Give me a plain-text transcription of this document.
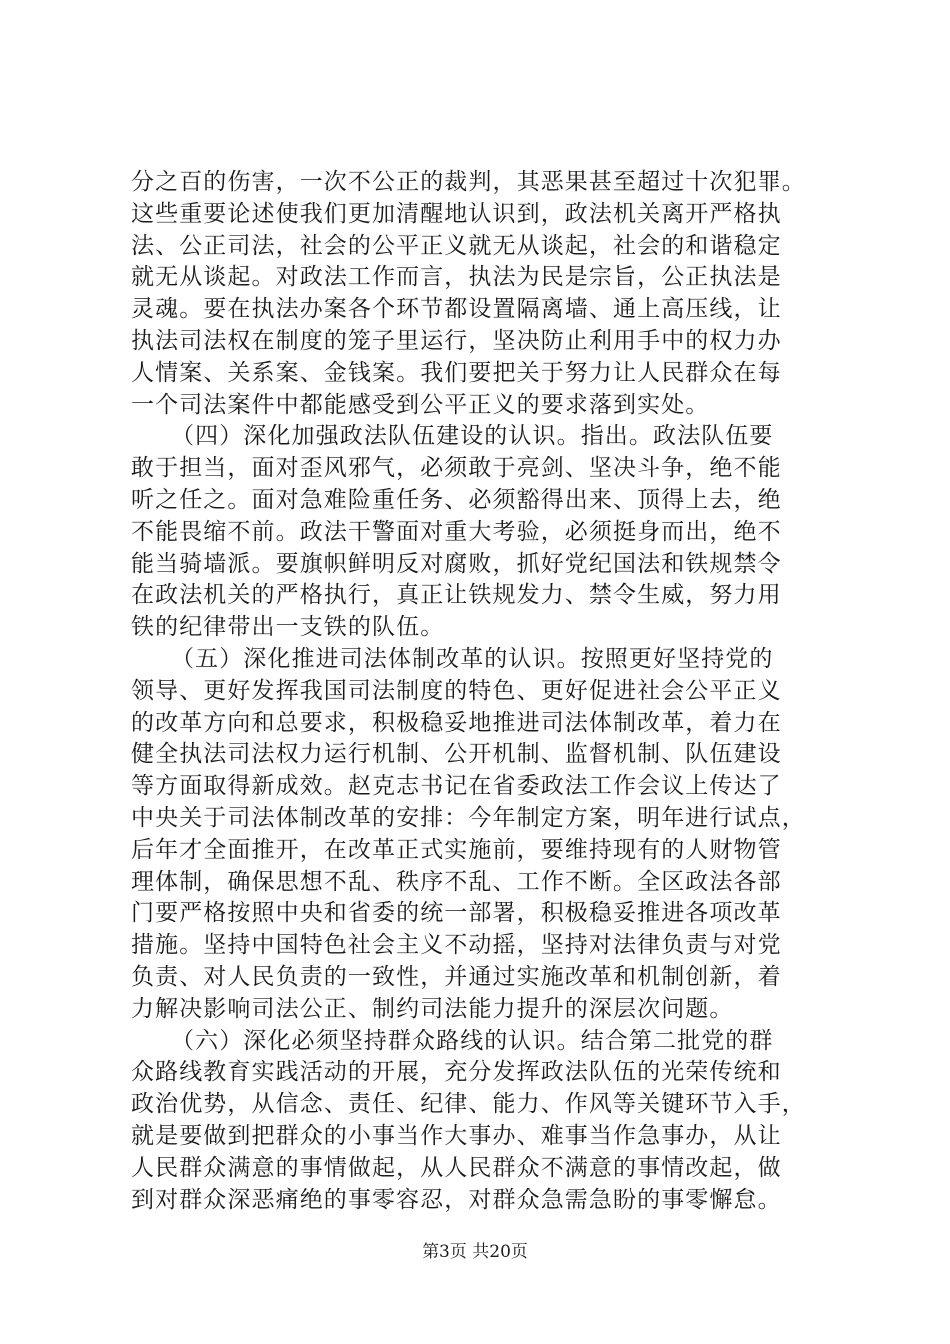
分之百的伤害，一次不公正的裁判，其恶果甚至超过十次犯罪。
这些重要论述使我们更加清醒地认识到，政法机关离开严格执
法、公正司法，社会的公平正义就无从谈起，社会的和谐稳定
就无从谈起。对政法工作而言，执法为民是宗旨，公正执法是
灵魂。要在执法办案各个环节都设置隔离墙、通上高压线，让
执法司法权在制度的笼子里运行，坚决防止利用手中的权力办
人情案、关系案、金钱案。我们要把关于努力让人民群众在每
一个司法案件中都能感受到公平正义的要求落到实处。
（四）深化加强政法队伍建设的认识。指出。政法队伍要
敢于担当，面对歪风邪气，必须敢于亮剑、坚决斗争，绝不能
听之任之。面对急难险重任务、必须豁得出来、顶得上去，绝
不能畏缩不前。政法干警面对重大考验，必须挺身而出，绝不
能当骑墙派。要旗帜鲜明反对腐败，抓好党纪国法和铁规禁令
在政法机关的严格执行，真正让铁规发力、禁令生威，努力用
铁的纪律带出一支铁的队伍。
（五）深化推进司法体制改革的认识。按照更好坚持党的
领导、更好发挥我国司法制度的特色、更好促进社会公平正义
的改革方向和总要求，积极稳妥地推进司法体制改革，着力在
健全执法司法权力运行机制、公开机制、监督机制、队伍建设
等方面取得新成效。赵克志书记在省委政法工作会议上传达了
中央关于司法体制改革的安排：今年制定方案，明年进行试点，
后年才全面推开，在改革正式实施前，要维持现有的人财物管
理体制，确保思想不乱、秩序不乱、工作不断。全区政法各部
门要严格按照中央和省委的统一部署，积极稳妥推进各项改革
措施。坚持中国特色社会主义不动摇，坚持对法律负责与对党
负责、对人民负责的一致性，并通过实施改革和机制创新，着
力解决影响司法公正、制约司法能力提升的深层次问题。
（六）深化必须坚持群众路线的认识。结合第二批党的群
众路线教育实践活动的开展，充分发挥政法队伍的光荣传统和
政治优势，从信念、责任、纪律、能力、作风等关键环节入手，
就是要做到把群众的小事当作大事办、难事当作急事办，从让
人民群众满意的事情做起，从人民群众不满意的事情改起，做
到对群众深恶痛绝的事零容忍，对群众急需急盼的事零懈怠。
第3页 共20页
